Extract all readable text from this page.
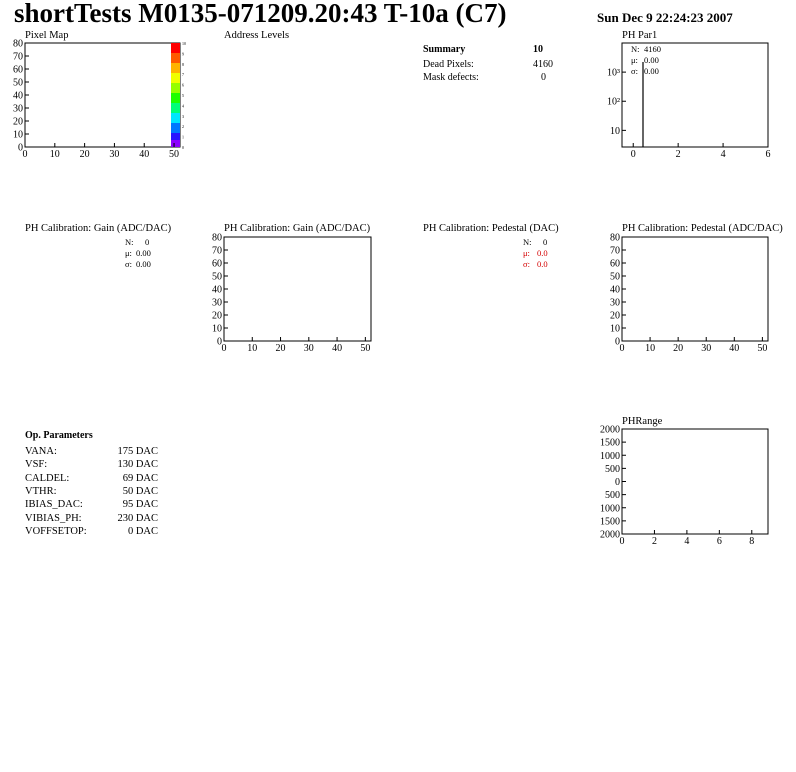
shortTests M0135-071209.20:43 T-10a (C7)	Sun Dec 9 22:24:23 2007
Pixel Map	Address Levels	PH Par1
Summary	10
Dead Pixels:	4160
Mask defects:	0
0
1
2
3
4
5
6
7
8
9
10
0 10 20 30 40 50
0
10
20
30
40
50
60
70
80
0	2	4	6
10
10²
10³
N: 4160
μ: 0.00
σ: 0.00
PH Calibration: Gain (ADC/DAC)	PH Calibration: Gain (ADC/DAC)	PH Calibration: Pedestal (DAC)	PH Calibration: Pedestal (ADC/DAC)
N: 0
μ: 0.00
σ: 0.00
N: 0
μ: 0.0
σ: 0.0
0 10 20 30 40 50
0
10
20
30
40
50
60
70
80
0 10 20 30 40 50
0
10
20
30
40
50
60
70
80
Op. Parameters
VANA:	175 DAC
VSF:	130 DAC
CALDEL:	69 DAC
VTHR:	50 DAC
IBIAS_DAC:	95 DAC
VIBIAS_PH:	230 DAC
VOFFSETOP:	0 DAC
PHRange
0	2	4	6	8
2000
1500
1000
500
0
500
1000
1500
2000
